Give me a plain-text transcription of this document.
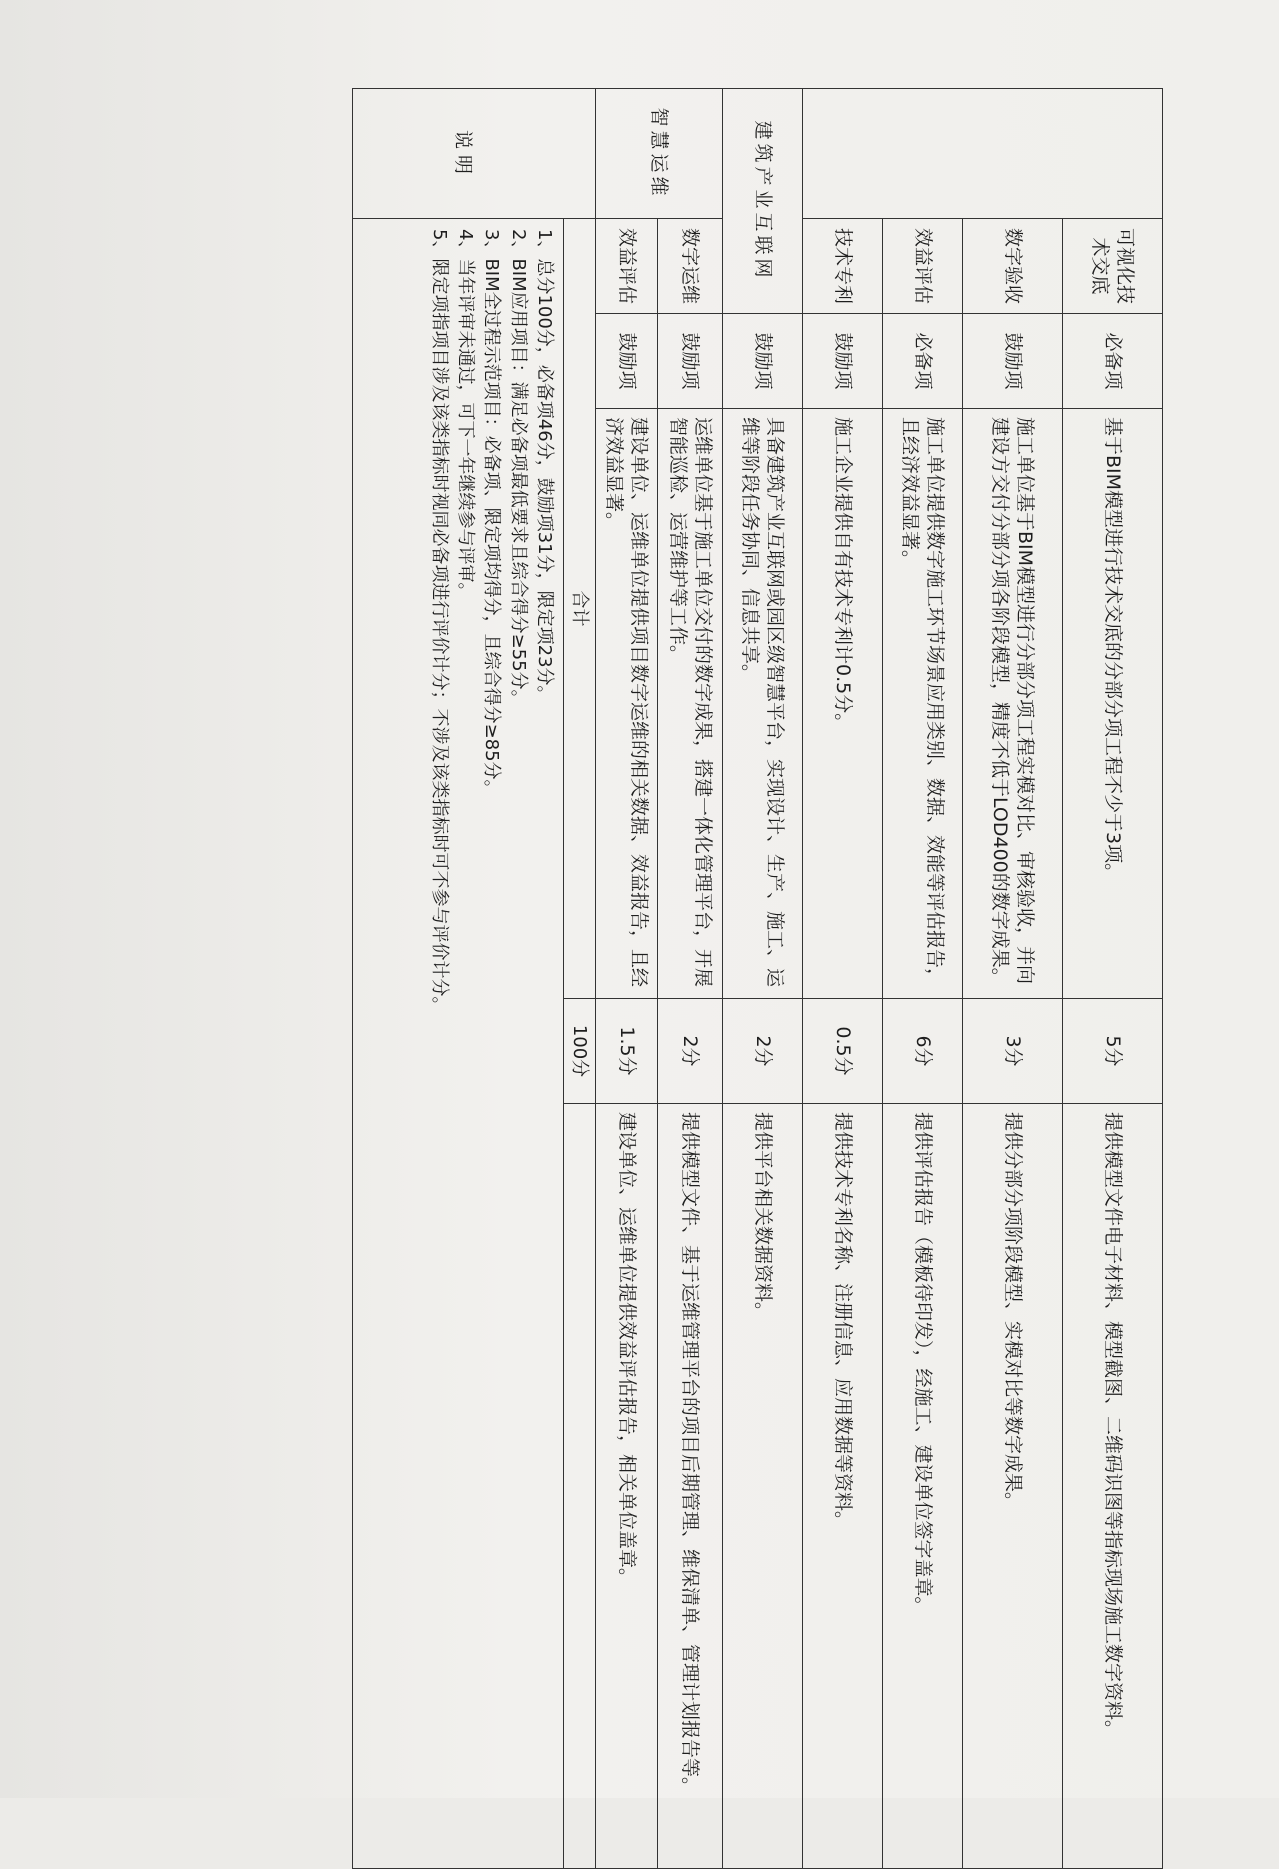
	可视化技术交底	必备项	基于BIM模型进行技术交底的分部分项工程不少于3项。	5分	提供模型文件电子材料、模型截图、二维码识图等指标现场施工数字资料。
	数字验收	鼓励项	施工单位基于BIM模型进行分部分项工程实模对比、审核验收，并向建设方交付分部分项各阶段模型，精度不低于LOD400的数字成果。	3分	提供分部分项阶段模型、实模对比等数字成果。
	效益评估	必备项	施工单位提供数字施工环节场景应用类别、数据、效能等评估报告，且经济效益显著。	6分	提供评估报告（模板待印发），经施工、建设单位签字盖章。
	技术专利	鼓励项	施工企业提供自有技术专利计0.5分。	0.5分	提供技术专利名称、注册信息、应用数据等资料。
建筑产业互联网		鼓励项	具备建筑产业互联网或园区级智慧平台，实现设计、生产、施工、运维等阶段任务协同、信息共享。	2分	提供平台相关数据资料。
智慧运维	数字运维	鼓励项	运维单位基于施工单位交付的数字成果，搭建一体化管理平台，开展智能巡检、运营维护等工作。	2分	提供模型文件、基于运维管理平台的项目后期管理、维保清单、管理计划报告等。
	效益评估	鼓励项	建设单位、运维单位提供项目数字运维的相关数据、效益报告，且经济效益显著。	1.5分	建设单位、运维单位提供效益评估报告，相关单位盖章。
	合计			100分	

	1、总分100分，必备项46分，鼓励项31分，限定项23分。
2、BIM应用项目：满足必备项最低要求且综合得分≥55分。
3、BIM全过程示范项目：必备项、限定项均得分，且综合得分≥85分。
4、当年评审未通过，可下一年继续参与评审。
5、限定项指项目涉及该类指标时视同必备项进行评价计分；不涉及该类指标时可不参与评价计分。				
说明
